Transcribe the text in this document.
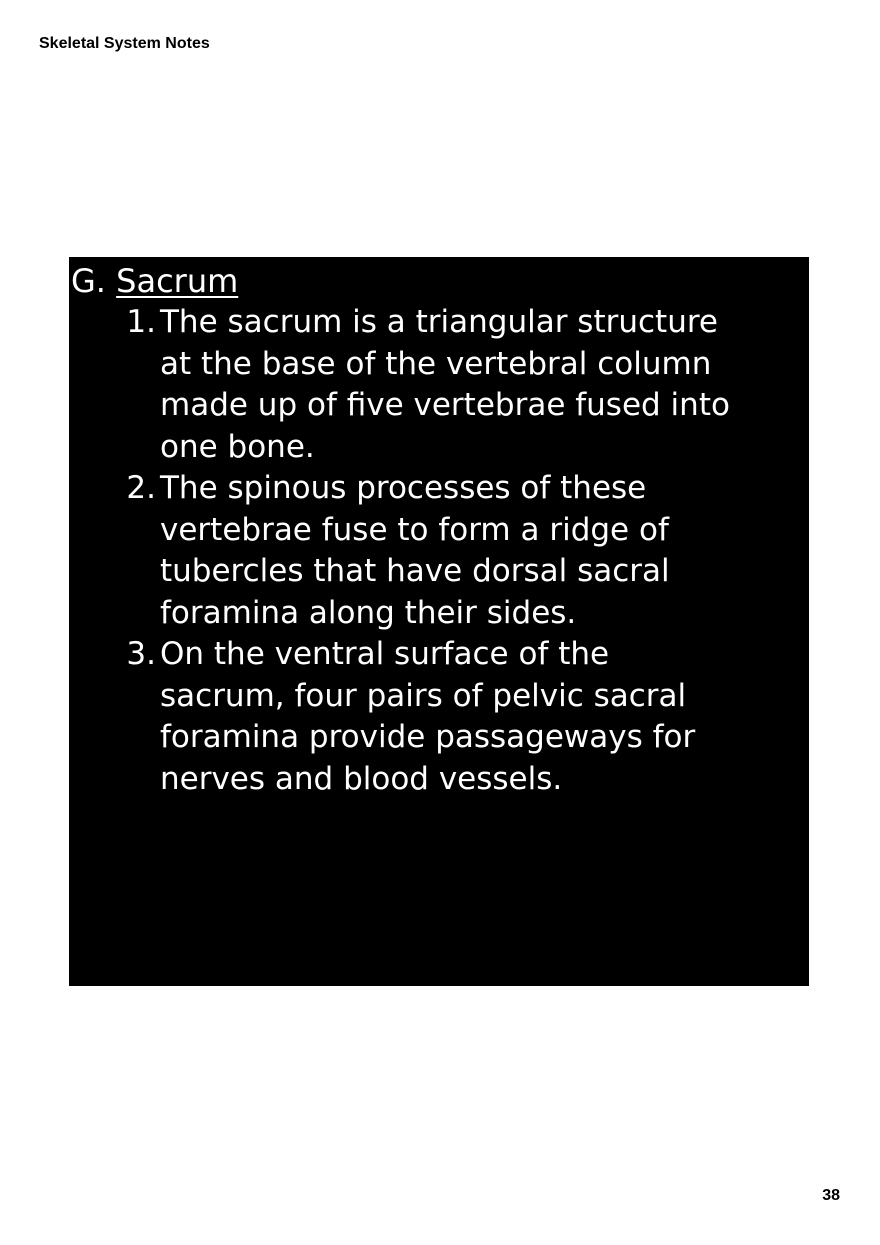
Skeletal System Notes
G. Sacrum
1. The sacrum is a triangular structure
at the base of the vertebral column
made up of five vertebrae fused into
one bone.
2. The spinous processes of these
vertebrae fuse to form a ridge of
tubercles that have dorsal sacral
foramina along their sides.
3. On the ventral surface of the
sacrum, four pairs of pelvic sacral
foramina provide passageways for
nerves and blood vessels.
38
